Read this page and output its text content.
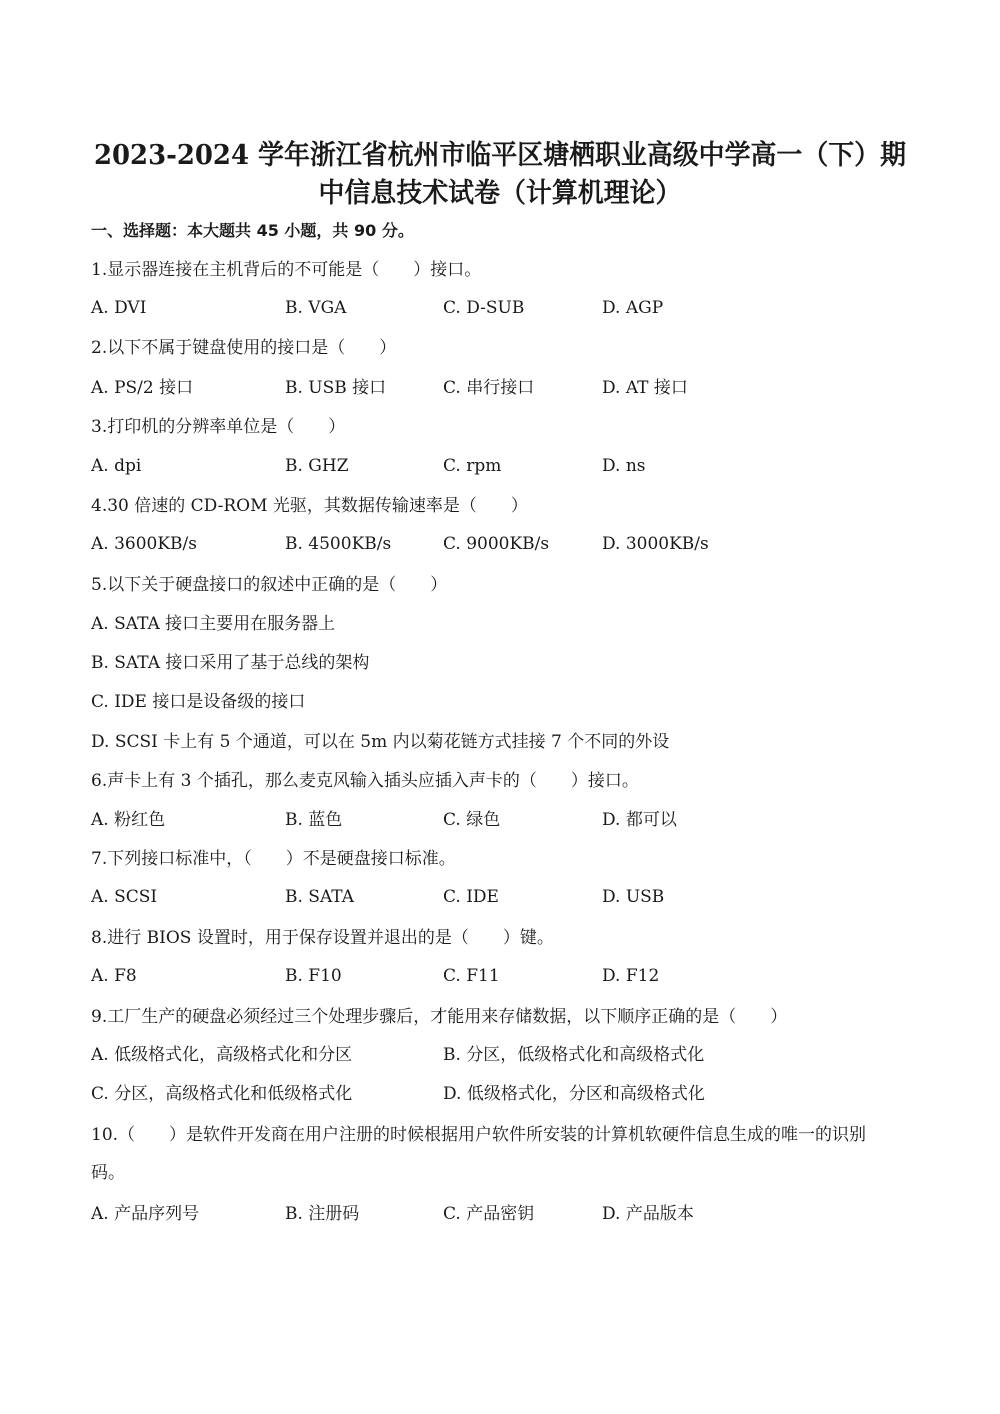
2023-2024 学年浙江省杭州市临平区塘栖职业高级中学高一（下）期
中信息技术试卷（计算机理论）
一、选择题：本大题共 45 小题，共 90 分。
1.显示器连接在主机背后的不可能是（　　）接口。
A. DVI	B. VGA	C. D-SUB	D. AGP
2.以下不属于键盘使用的接口是（　　）
A. PS/2 接口	B. USB 接口	C. 串行接口	D. AT 接口
3.打印机的分辨率单位是（　　）
A. dpi	B. GHZ	C. rpm	D. ns
4.30 倍速的 CD-ROM 光驱，其数据传输速率是（　　）
A. 3600KB/s	B. 4500KB/s	C. 9000KB/s	D. 3000KB/s
5.以下关于硬盘接口的叙述中正确的是（　　）
A. SATA 接口主要用在服务器上
B. SATA 接口采用了基于总线的架构
C. IDE 接口是设备级的接口
D. SCSI 卡上有 5 个通道，可以在 5m 内以菊花链方式挂接 7 个不同的外设
6.声卡上有 3 个插孔，那么麦克风输入插头应插入声卡的（　　）接口。
A. 粉红色	B. 蓝色	C. 绿色	D. 都可以
7.下列接口标准中，（　　）不是硬盘接口标准。
A. SCSI	B. SATA	C. IDE	D. USB
8.进行 BIOS 设置时，用于保存设置并退出的是（　　）键。
A. F8	B. F10	C. F11	D. F12
9.工厂生产的硬盘必须经过三个处理步骤后，才能用来存储数据，以下顺序正确的是（　　）
A. 低级格式化，高级格式化和分区	B. 分区，低级格式化和高级格式化
C. 分区，高级格式化和低级格式化	D. 低级格式化，分区和高级格式化
10.（　　）是软件开发商在用户注册的时候根据用户软件所安装的计算机软硬件信息生成的唯一的识别
码。
A. 产品序列号	B. 注册码	C. 产品密钥	D. 产品版本
